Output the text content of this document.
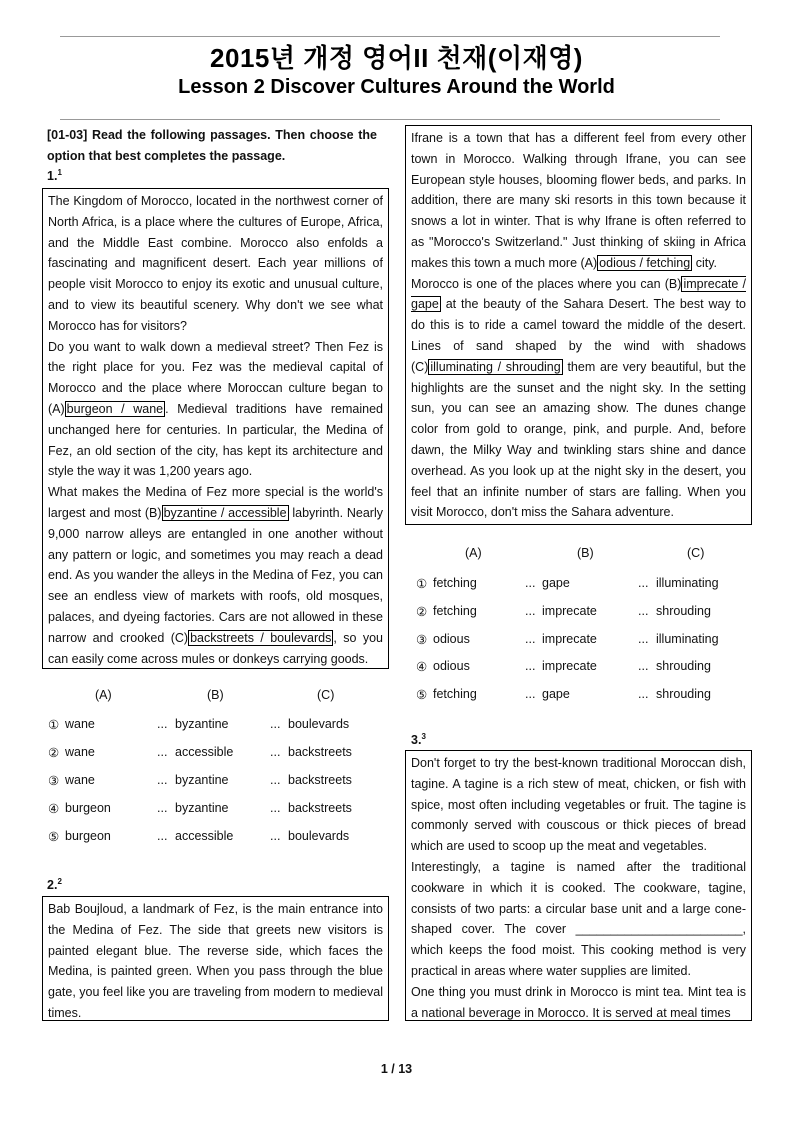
2015년 개정 영어II 천재(이재영)
Lesson 2 Discover Cultures Around the World
[01-03] Read the following passages. Then choose the option that best completes the passage.
1.$^1$

The Kingdom of Morocco, located in the northwest corner of North Africa, is a place where the cultures of Europe, Africa, and the Middle East combine. Morocco also enfolds a fascinating and magnificent desert. Each year millions of people visit Morocco to enjoy its exotic and unusual culture, and to view its beautiful scenery. Why don't we see what Morocco has for visitors?

Do you want to walk down a medieval street? Then Fez is the right place for you. Fez was the medieval capital of Morocco and the place where Moroccan culture began to (A) burgeon / wane . Medieval traditions have remained unchanged here for centuries. In particular, the Medina of Fez, an old section of the city, has kept its architecture and style the way it was 1,200 years ago.

What makes the Medina of Fez more special is the world's largest and most (B) byzantine / accessible labyrinth. Nearly 9,000 narrow alleys are entangled in one another without any pattern or logic, and sometimes you may reach a dead end. As you wander the alleys in the Medina of Fez, you can see an endless view of markets with roofs, old mosques, palaces, and dyeing factories. Cars are not allowed in these narrow and crooked (C) backstreets / boulevards , so you can easily come across mules or donkeys carrying goods.

(A)	(B)	(C)
① wane	... byzantine	... boulevards
② wane	... accessible	... backstreets
③ wane	... byzantine	... backstreets
④ burgeon	... byzantine	... backstreets
⑤ burgeon	... accessible	... boulevards
2.$^2$

Bab Boujloud, a landmark of Fez, is the main entrance into the Medina of Fez. The side that greets new visitors is painted elegant blue. The reverse side, which faces the Medina, is painted green. When you pass through the blue gate, you feel like you are traveling from modern to medieval times.

Ifrane is a town that has a different feel from every other town in Morocco. Walking through Ifrane, you can see European style houses, blooming flower beds, and parks. In addition, there are many ski resorts in this town because it snows a lot in winter. That is why Ifrane is often referred to as "Morocco's Switzerland." Just thinking of skiing in Africa makes this town a much more (A) odious / fetching city.

Morocco is one of the places where you can (B) imprecate / gape at the beauty of the Sahara Desert. The best way to do this is to ride a camel toward the middle of the desert. Lines of sand shaped by the wind with shadows (C) illuminating / shrouding them are very beautiful, but the highlights are the sunset and the night sky. In the setting sun, you can see an amazing show. The dunes change color from gold to orange, pink, and purple. And, before dawn, the Milky Way and twinkling stars shine and dance overhead. As you look up at the night sky in the desert, you feel that an infinite number of stars are falling. When you visit Morocco, don't miss the Sahara adventure.

(A)	(B)	(C)
① fetching	... gape	... illuminating
② fetching	... imprecate	... shrouding
③ odious	... imprecate	... illuminating
④ odious	... imprecate	... shrouding
⑤ fetching	... gape	... shrouding
3.$^3$

Don't forget to try the best-known traditional Moroccan dish, tagine. A tagine is a rich stew of meat, chicken, or fish with spice, most often including vegetables or fruit. The tagine is commonly served with couscous or thick pieces of bread which are used to scoop up the meat and vegetables.

Interestingly, a tagine is named after the traditional cookware in which it is cooked. The cookware, tagine, consists of two parts: a circular base unit and a large cone-shaped cover. The cover ________________________, which keeps the food moist. This cooking method is very practical in areas where water supplies are limited.

One thing you must drink in Morocco is mint tea. Mint tea is a national beverage in Morocco. It is served at meal times

1 / 13
